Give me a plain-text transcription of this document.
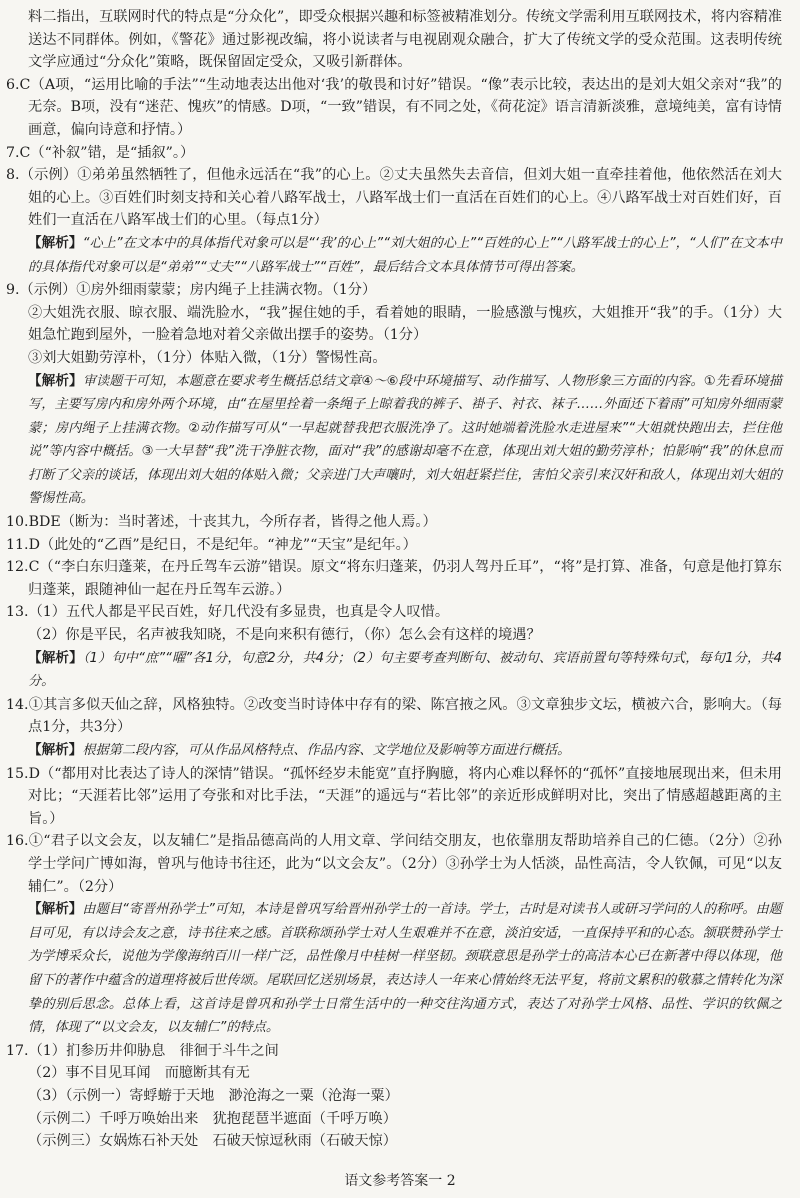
料二指出，互联网时代的特点是“分众化”，即受众根据兴趣和标签被精准划分。传统文学需利用互联网技术，将内容精准送达不同群体。例如，《警花》通过影视改编，将小说读者与电视剧观众融合，扩大了传统文学的受众范围。这表明传统文学应通过“分众化”策略，既保留固定受众，又吸引新群体。

6.C（A项，“运用比喻的手法”“生动地表达出他对‘我’的敬畏和讨好”错误。“像”表示比较，表达出的是刘大姐父亲对“我”的无奈。B项，没有“迷茫、愧疚”的情感。D项，“一致”错误，有不同之处，《荷花淀》语言清新淡雅，意境纯美，富有诗情画意，偏向诗意和抒情。）

7.C（“补叙”错，是“插叙”。）

8.（示例）①弟弟虽然牺牲了，但他永远活在“我”的心上。②丈夫虽然失去音信，但刘大姐一直牵挂着他，他依然活在刘大姐的心上。③百姓们时刻支持和关心着八路军战士，八路军战士们一直活在百姓们的心上。④八路军战士对百姓们好，百姓们一直活在八路军战士们的心里。（每点1分）

【解析】“心上”在文本中的具体指代对象可以是“‘我’的心上”“刘大姐的心上”“百姓的心上”“八路军战士的心上”，“人们”在文本中的具体指代对象可以是“弟弟”“丈夫”“八路军战士”“百姓”，最后结合文本具体情节可得出答案。

9.（示例）①房外细雨蒙蒙；房内绳子上挂满衣物。（1分）

②大姐洗衣服、晾衣服、端洗脸水，“我”握住她的手，看着她的眼睛，一脸感激与愧疚，大姐推开“我”的手。（1分）大姐急忙跑到屋外，一脸着急地对着父亲做出摆手的姿势。（1分）

③刘大姐勤劳淳朴，（1分）体贴入微，（1分）警惕性高。

【解析】审读题干可知，本题意在要求考生概括总结文章④～⑥段中环境描写、动作描写、人物形象三方面的内容。①先看环境描写，主要写房内和房外两个环境，由“在屋里拴着一条绳子上晾着我的裤子、褂子、衬衣、袜子……外面还下着雨”可知房外细雨蒙蒙；房内绳子上挂满衣物。②动作描写可从“一早起就替我把衣服洗净了。这时她端着洗脸水走进屋来”“大姐就快跑出去，拦住他说”等内容中概括。③一大早替“我”洗干净脏衣物，面对“我”的感谢却毫不在意，体现出刘大姐的勤劳淳朴；怕影响“我”的休息而打断了父亲的谈话，体现出刘大姐的体贴入微；父亲进门大声嚷时，刘大姐赶紧拦住，害怕父亲引来汉奸和敌人，体现出刘大姐的警惕性高。

10.BDE（断为：当时著述，十丧其九，今所存者，皆得之他人焉。）

11.D（此处的“乙酉”是纪日，不是纪年。“神龙”“天宝”是纪年。）

12.C（“李白东归蓬莱，在丹丘驾车云游”错误。原文“将东归蓬莱，仍羽人驾丹丘耳”，“将”是打算、准备，句意是他打算东归蓬莱，跟随神仙一起在丹丘驾车云游。）

13.（1）五代人都是平民百姓，好几代没有多显贵，也真是令人叹惜。

（2）你是平民，名声被我知晓，不是向来积有德行，（你）怎么会有这样的境遇？

【解析】（1）句中“庶”“曜”各1分，句意2分，共4分；（2）句主要考查判断句、被动句、宾语前置句等特殊句式，每句1分，共4分。

14.①其言多似天仙之辞，风格独特。②改变当时诗体中存有的梁、陈宫掖之风。③文章独步文坛，横被六合，影响大。（每点1分，共3分）

【解析】根据第二段内容，可从作品风格特点、作品内容、文学地位及影响等方面进行概括。

15.D（“都用对比表达了诗人的深情”错误。“孤怀经岁未能宽”直抒胸臆，将内心难以释怀的“孤怀”直接地展现出来，但未用对比；“天涯若比邻”运用了夸张和对比手法，“天涯”的遥远与“若比邻”的亲近形成鲜明对比，突出了情感超越距离的主旨。）

16.①“君子以文会友，以友辅仁”是指品德高尚的人用文章、学问结交朋友，也依靠朋友帮助培养自己的仁德。（2分）②孙学士学问广博如海，曾巩与他诗书往还，此为“以文会友”。（2分）③孙学士为人恬淡，品性高洁，令人钦佩，可见“以友辅仁”。（2分）

【解析】由题目“寄晋州孙学士”可知，本诗是曾巩写给晋州孙学士的一首诗。学士，古时是对读书人或研习学问的人的称呼。由题目可见，有以诗会友之意，诗书往来之感。首联称颂孙学士对人生艰难并不在意，淡泊安适，一直保持平和的心态。颔联赞孙学士为学博采众长，说他为学像海纳百川一样广泛，品性像月中桂树一样坚韧。颈联意思是孙学士的高洁本心已在新著中得以体现，他留下的著作中蕴含的道理将被后世传颂。尾联回忆送别场景，表达诗人一年来心情始终无法平复，将前文累积的敬慕之情转化为深挚的别后思念。总体上看，这首诗是曾巩和孙学士日常生活中的一种交往沟通方式，表达了对孙学士风格、品性、学识的钦佩之情，体现了“以文会友，以友辅仁”的特点。

17.（1）扪参历井仰胁息　徘徊于斗牛之间

（2）事不目见耳闻　而臆断其有无

（3）（示例一）寄蜉蝣于天地　渺沧海之一粟（沧海一粟）

（示例二）千呼万唤始出来　犹抱琵琶半遮面（千呼万唤）

（示例三）女娲炼石补天处　石破天惊逗秋雨（石破天惊）

语文参考答案一 2
